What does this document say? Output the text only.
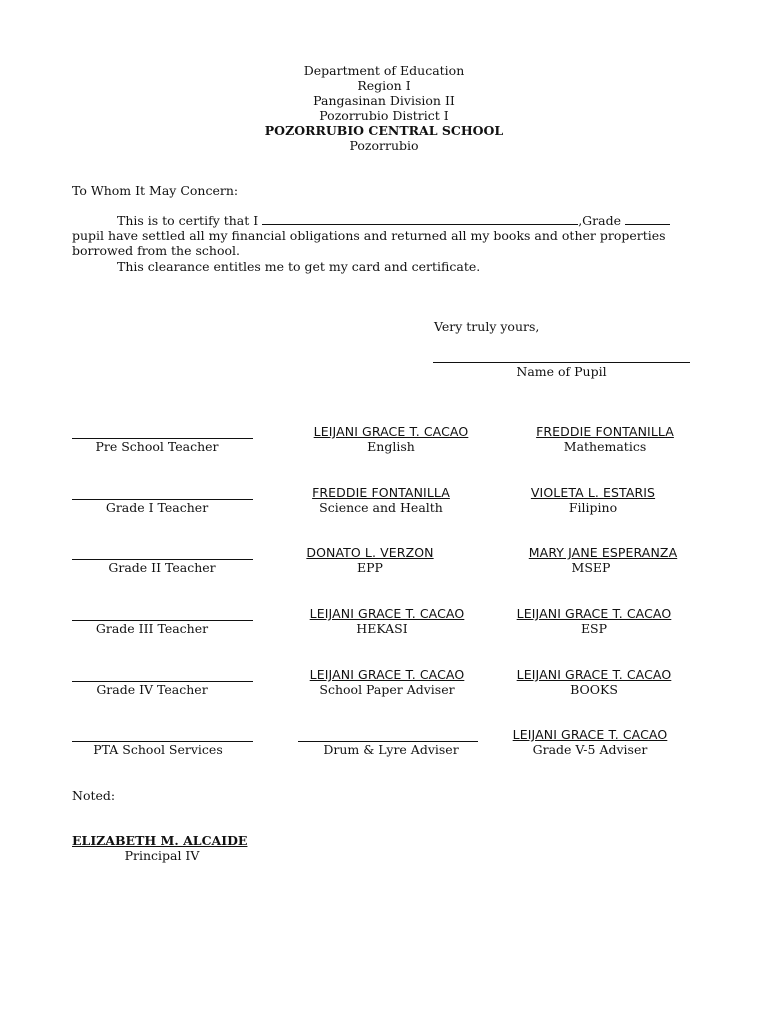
Department of Education
Region I
Pangasinan Division II
Pozorrubio District I
POZORRUBIO CENTRAL SCHOOL
Pozorrubio
To Whom It May Concern:
This is to certify that I	,Grade
pupil have settled all my financial obligations and returned all my books and other properties borrowed from the school.
This clearance entitles me to get my card and certificate.
Very truly yours,
Name of Pupil
Pre School Teacher
LEIJANI GRACE T. CACAO
English
FREDDIE FONTANILLA
Mathematics
Grade I Teacher
FREDDIE FONTANILLA
Science and Health
VIOLETA L. ESTARIS
Filipino
Grade II Teacher
DONATO L. VERZON
EPP
MARY JANE ESPERANZA
MSEP
Grade III Teacher
LEIJANI GRACE T. CACAO
HEKASI
LEIJANI GRACE T. CACAO
ESP
Grade IV Teacher
LEIJANI GRACE T. CACAO
School Paper Adviser
LEIJANI GRACE T. CACAO
BOOKS
PTA School Services	Drum & Lyre Adviser
LEIJANI GRACE T. CACAO
Grade V-5 Adviser
Noted:
ELIZABETH M. ALCAIDE
Principal IV
